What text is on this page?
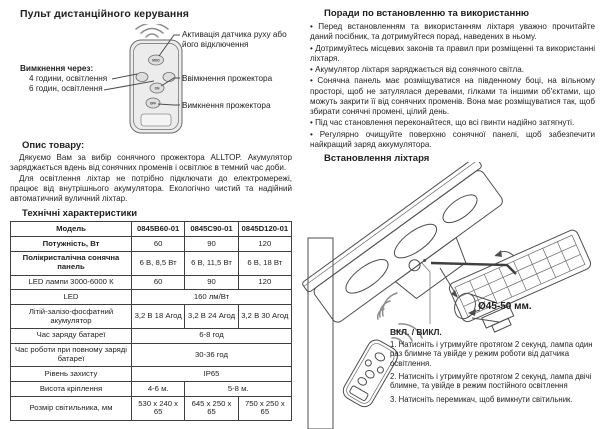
Пульт дистанційного керування
MOD
ON
OFF
Активація датчика руху або його відключення
Вимкнення через:
4 години, освітлення
6 годин, освітлення
Ввімкнення прожектора
Вимкнення прожектора
Опис товару:

Дякуємо Вам за вибір сонячного прожектора ALLTOP. Акумулятор заряджається вдень від сонячних променів і освітлює в темний час доби.

Для освітлення ліхтар не потрібно підключати до електромережі, працює від внутрішнього акумулятора. Екологічно чистий та надійний автоматичний вуличний ліхтар.

Технічні характеристики
Модель	0845B60-01	0845C90-01	0845D120-01
Потужність, Вт	60	90	120
Полікристалічна сонячна панель	6 В, 8,5 Вт	6 В, 11,5 Вт	6 В, 18 Вт
LED лампи 3000-6000 К	60	90	120
LED	160 лм/Вт		
Літій-залізо-фосфатний акумулятор	3,2 В 18 Агод	3,2 В 24 Агод	3,2 В 30 Агод
Час заряду батареї	6-8 год		
Час роботи при повному заряді батареї	30-36 год		
Рівень захисту	IP65		
Висота кріплення	4-6 м.	5-8 м.	
Розмір світильника, мм	530 x 240 x 65	645 x 250 x 65	750 x 250 x 65
Поради по встановленню та використанню
• Перед встановленням та використанням ліхтаря уважно прочитайте даний посібник, та дотримуйтеся порад, наведених в ньому.
• Дотримуйтесь місцевих законів та правил при розміщенні та використанні ліхтаря.
• Акумулятор ліхтаря заряджається від сонячного світла.
• Сонячна панель має розміщуватися на південному боці, на вільному просторі, щоб не затулялася деревами, гілками та іншими об'єктами, що можуть закрити її від сонячних променів. Вона має розміщуватися так, щоб збирати сонячні промені, цілий день.
• Під час становлення переконайтеся, що всі гвинти надійно затягнуті.
• Регулярно очищуйте поверхню сонячної панелі, щоб забезпечити найкращий заряд аккумулятора.
Встановлення ліхтаря
Ø45-50 мм.
ВКЛ. / ВИКЛ.
1. Натисніть і утримуйте протягом 2 секунд, лампа один раз блимне та увійде у режим роботи від датчика освітлення.
2. Натисніть і утримуйте протягом 2 секунд, лампа двічі блимне, та увійде в режим постійного освітлення
3. Натисніть перемикач, щоб вимкнути світильник.
